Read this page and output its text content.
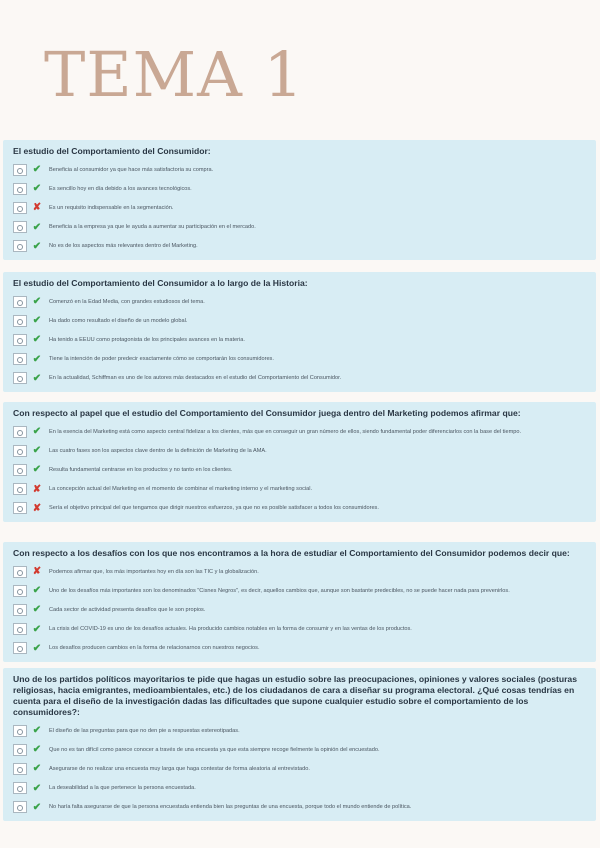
TEMA 1

El estudio del Comportamiento del Consumidor:

✔	Beneficia al consumidor ya que hace más satisfactoria su compra.
✔	Es sencillo hoy en día debido a los avances tecnológicos.
✘	Es un requisito indispensable en la segmentación.
✔	Beneficia a la empresa ya que le ayuda a aumentar su participación en el mercado.
✔	No es de los aspectos más relevantes dentro del Marketing.

El estudio del Comportamiento del Consumidor a lo largo de la Historia:

✔	Comenzó en la Edad Media, con grandes estudiosos del tema.
✔	Ha dado como resultado el diseño de un modelo global.
✔	Ha tenido a EEUU como protagonista de los principales avances en la materia.
✔	Tiene la intención de poder predecir exactamente cómo se comportarán los consumidores.
✔	En la actualidad, Schiffman es uno de los autores más destacados en el estudio del Comportamiento del Consumidor.

Con respecto al papel que el estudio del Comportamiento del Consumidor juega dentro del Marketing podemos afirmar que:

✔	En la esencia del Marketing está como aspecto central fidelizar a los clientes, más que en conseguir un gran número de ellos, siendo fundamental poder diferenciarlos con la base del tiempo.
✔	Las cuatro fases son los aspectos clave dentro de la definición de Marketing de la AMA.
✔	Resulta fundamental centrarse en los productos y no tanto en los clientes.
✘	La concepción actual del Marketing en el momento de combinar el marketing interno y el marketing social.
✘	Sería el objetivo principal del que tengamos que dirigir nuestros esfuerzos, ya que no es posible satisfacer a todos los consumidores.

Con respecto a los desafíos con los que nos encontramos a la hora de estudiar el Comportamiento del Consumidor podemos decir que:

✘	Podemos afirmar que, los más importantes hoy en día son las TIC y la globalización.
✔	Uno de los desafíos más importantes son los denominados "Cisnes Negros", es decir, aquellos cambios que, aunque son bastante predecibles, no se puede hacer nada para prevenirlos.
✔	Cada sector de actividad presenta desafíos que le son propios.
✔	La crisis del COVID-19 es uno de los desafíos actuales. Ha producido cambios notables en la forma de consumir y en las ventas de los productos.
✔	Los desafíos producen cambios en la forma de relacionarnos con nuestros negocios.

Uno de los partidos políticos mayoritarios te pide que hagas un estudio sobre las preocupaciones, opiniones y valores sociales (posturas religiosas, hacia emigrantes, medioambientales, etc.) de los ciudadanos de cara a diseñar su programa electoral. ¿Qué cosas tendrías en cuenta para el diseño de la investigación dadas las dificultades que supone cualquier estudio sobre el comportamiento de los consumidores?:

✔	El diseño de las preguntas para que no den pie a respuestas estereotipadas.
✔	Que no es tan difícil como parece conocer a través de una encuesta ya que esta siempre recoge fielmente la opinión del encuestado.
✔	Asegurarse de no realizar una encuesta muy larga que haga contestar de forma aleatoria al entrevistado.
✔	La deseabilidad a la que pertenece la persona encuestada.
✔	No haría falta asegurarse de que la persona encuestada entienda bien las preguntas de una encuesta, porque todo el mundo entiende de política.
